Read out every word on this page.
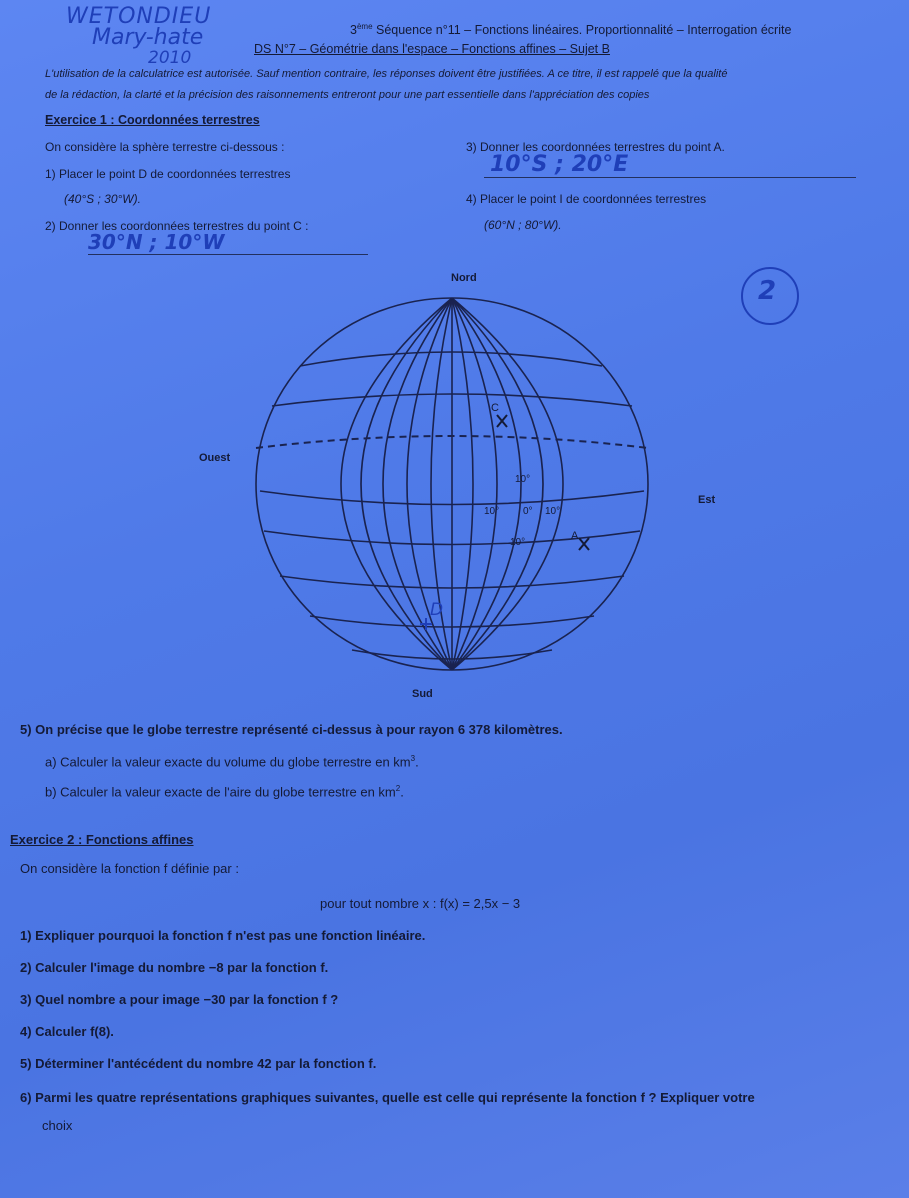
WETONDIEU
Mary-hate
2010
3ème Séquence n°11 – Fonctions linéaires. Proportionnalité – Interrogation écrite
DS N°7 – Géométrie dans l'espace – Fonctions affines – Sujet B
L'utilisation de la calculatrice est autorisée. Sauf mention contraire, les réponses doivent être justifiées. A ce titre, il est rappelé que la qualité
de la rédaction, la clarté et la précision des raisonnements entreront pour une part essentielle dans l'appréciation des copies
Exercice 1 : Coordonnées terrestres
On considère la sphère terrestre ci-dessous :
1) Placer le point D de coordonnées terrestres
(40°S ; 30°W).
2) Donner les coordonnées terrestres du point C :
30°N ; 10°W
3) Donner les coordonnées terrestres du point A.
10°S ; 20°E
4) Placer le point I de coordonnées terrestres
(60°N ; 80°W).
2
Nord
Sud
Ouest
Est
10°
10° 0° 10°
10°
C
A
D
5) On précise que le globe terrestre représenté ci-dessus à pour rayon 6 378 kilomètres.
a) Calculer la valeur exacte du volume du globe terrestre en $km^3$.
b) Calculer la valeur exacte de l'aire du globe terrestre en $km^2$.
Exercice 2 : Fonctions affines
On considère la fonction f définie par :
pour tout nombre x : f(x) = 2,5x − 3
1) Expliquer pourquoi la fonction f n'est pas une fonction linéaire.
2) Calculer l'image du nombre −8 par la fonction f.
3) Quel nombre a pour image −30 par la fonction f ?
4) Calculer f(8).
5) Déterminer l'antécédent du nombre 42 par la fonction f.
6) Parmi les quatre représentations graphiques suivantes, quelle est celle qui représente la fonction f ? Expliquer votre
choix
